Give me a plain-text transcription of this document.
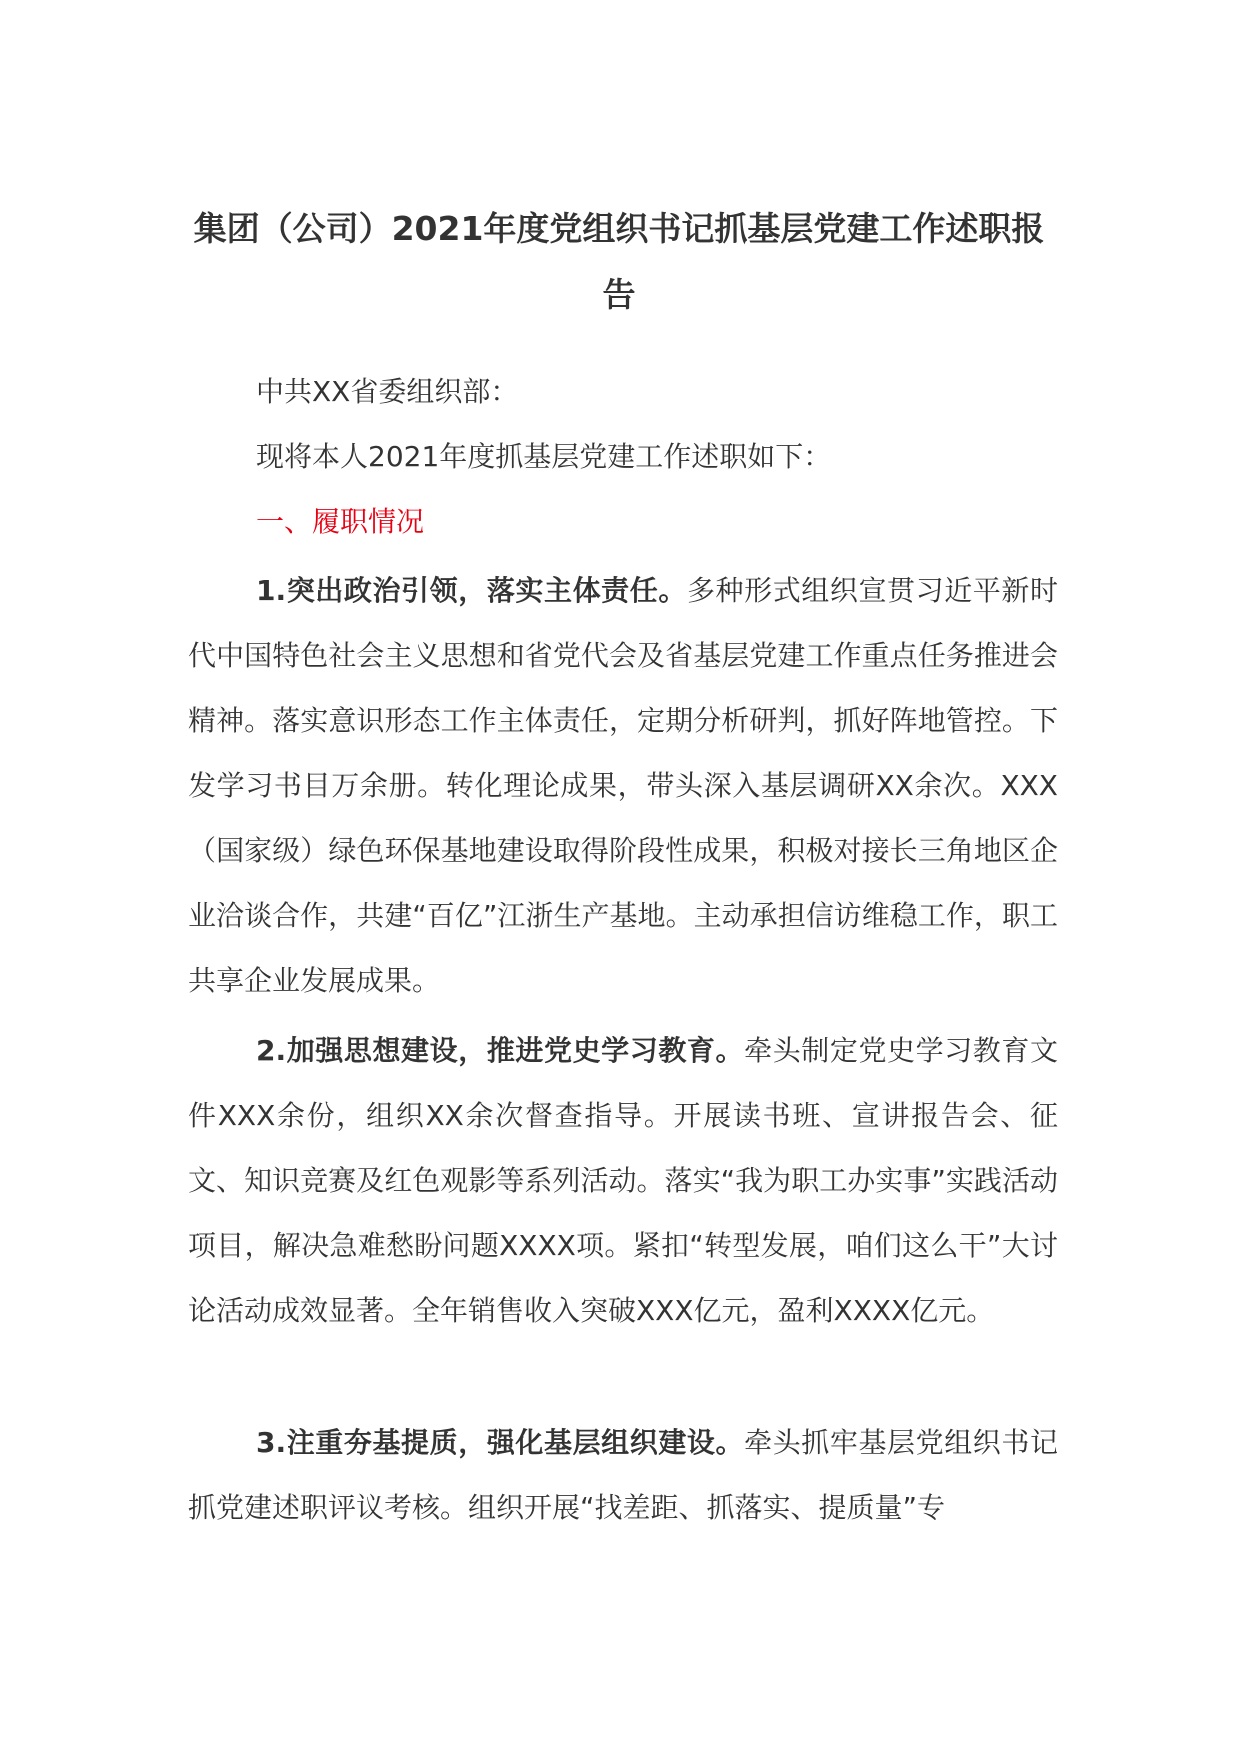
集团（公司）2021年度党组织书记抓基层党建工作述职报告

中共XX省委组织部：

现将本人2021年度抓基层党建工作述职如下：

一、履职情况

1.突出政治引领，落实主体责任。多种形式组织宣贯习近平新时代中国特色社会主义思想和省党代会及省基层党建工作重点任务推进会精神。落实意识形态工作主体责任，定期分析研判，抓好阵地管控。下发学习书目万余册。转化理论成果，带头深入基层调研XX余次。XXX（国家级）绿色环保基地建设取得阶段性成果，积极对接长三角地区企业洽谈合作，共建“百亿”江浙生产基地。主动承担信访维稳工作，职工共享企业发展成果。

2.加强思想建设，推进党史学习教育。牵头制定党史学习教育文件XXX余份，组织XX余次督查指导。开展读书班、宣讲报告会、征文、知识竞赛及红色观影等系列活动。落实“我为职工办实事”实践活动项目，解决急难愁盼问题XXXX项。紧扣“转型发展，咱们这么干”大讨论活动成效显著。全年销售收入突破XXX亿元，盈利XXXX亿元。

3.注重夯基提质，强化基层组织建设。牵头抓牢基层党组织书记抓党建述职评议考核。组织开展“找差距、抓落实、提质量”专
